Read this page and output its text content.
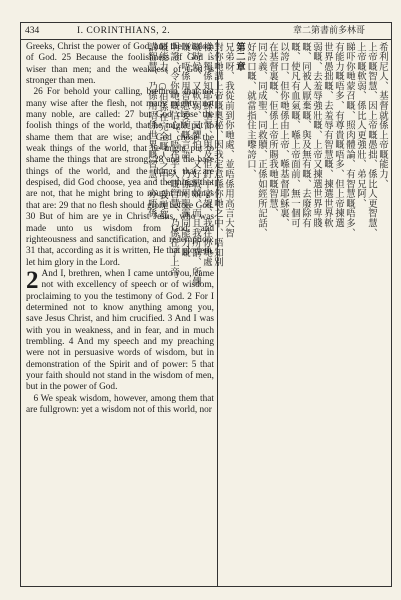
434	I. CORINTHIANS, 2.	章二第書前多林哥

Greeks, Christ the power of God, and the wisdom of God. 25 Because the foolishness of God is wiser than men; and the weakness of God is stronger than men.

26 For behold your calling, brethren, that not many wise after the flesh, not many mighty, not many noble, are called: 27 but God chose the foolish things of the world, that he might put to shame them that are wise; and God chose the weak things of the world, that he might put to shame the things that are strong; 28 and the base things of the world, and the things that are despised, did God choose, yea and the things that are not, that he might bring to nought the things that are: 29 that no flesh should glory before God. 30 But of him are ye in Christ Jesus, who was made unto us wisdom from God, and righteousness and sanctification, and redemption: 31 that, according as it is written, He that glorieth, let him glory in the Lord.

2 And I, brethren, when I came unto you, came not with excellency of speech or of wisdom, proclaiming to you the testimony of God. 2 For I determined not to know anything among you, save Jesus Christ, and him crucified. 3 And I was with you in weakness, and in fear, and in much trembling. 4 And my speech and my preaching were not in persuasive words of wisdom, but in demonstration of the Spirit and of power: 5 that your faith should not stand in the wisdom of men, but in the power of God.

6 We speak wisdom, however, among them that are fullgrown: yet a wisdom not of this world, nor

希利尼人、基督就係上帝嘅能力、
上帝嘅智慧、因上帝嘅愚拙、係比人更智慧、
上帝嘅軟弱、係比人更強壯、弟兄阿、
睇吓你哋蒙召嘅、照肉體論、有智慧嘅唔多、
有能力嘅唔多、有尊貴嘅唔多、但上帝揀選
世界愚拙嘅、去羞辱有智慧嘅、揀選世界軟
弱嘅、去羞辱強壯嘅、上帝又揀選世界卑賤
嘅、同被人厭棄嘅、與及無有嘅、去廢除有
嘅、使凡有血氣嘅、喺上帝面前、無一個可
以誇口、但你哋係由上帝、喺基督耶穌裏、
在基督裏嘅、佢係上帝所賜我哋嘅智慧、
同公義、同成聖、同救贖、正係如經所記話、
好誇口嘅、就當指住主嚟誇口、
第二章
兄弟呀、我從前到你哋處、並唔係用高言大智
對你哋講上帝嘅奧秘、因我定意喺你哋之中、唔知別
樣、獨係知耶穌基督、與及佢釘十字架、我在你哋處
嘅時候、又軟弱、又懼怕、又好戰兢、而且我所講、所傳
嘅、唔係用智慧委婉嘅言語、乃係用聖靈同能力嘅
明證、令你哋嘅信心、唔在乎人嘅智慧、乃係在乎上帝
嘅能力、○但係在完全嘅人之中、我哋都
講智慧、乃係用唔係世界嘅智慧、亦唔係
